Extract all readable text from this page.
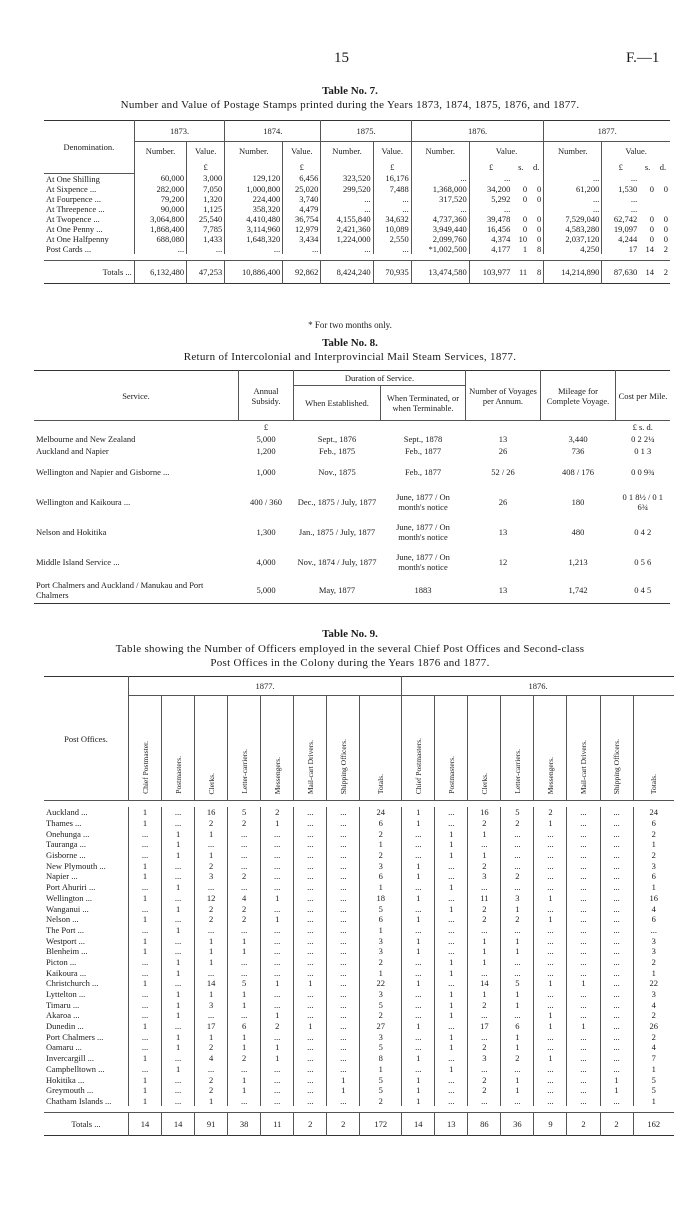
15	F.—1
Table No. 7.
Number and Value of Postage Stamps printed during the Years 1873, 1874, 1875, 1876, and 1877.
Denomination.	1873.		1874.		1875.		1876.				1877.			
	Number.	Value.	Number.	Value.	Number.	Value.	Number.	Value.			Number.	Value.		
		£		£		£		£	s.	d.		£	s.	d.
At One Shilling	60,000	3,000	129,120	6,456	323,520	16,176	...	...			...	...		
At Sixpence ...	282,000	7,050	1,000,800	25,020	299,520	7,488	1,368,000	34,200	0	0	61,200	1,530	0	0
At Fourpence ...	79,200	1,320	224,400	3,740	...	...	317,520	5,292	0	0	...	...		
At Threepence ...	90,000	1,125	358,320	4,479	...	...	...	...			...	...		
At Twopence ...	3,064,800	25,540	4,410,480	36,754	4,155,840	34,632	4,737,360	39,478	0	0	7,529,040	62,742	0	0
At One Penny ...	1,868,400	7,785	3,114,960	12,979	2,421,360	10,089	3,949,440	16,456	0	0	4,583,280	19,097	0	0
At One Halfpenny	688,080	1,433	1,648,320	3,434	1,224,000	2,550	2,099,760	4,374	10	0	2,037,120	4,244	0	0
Post Cards ...	...	...	...	...	...	...	*1,002,500	4,177	1	8	4,250	17	14	2

Totals ...	6,132,480	47,253	10,886,400	92,862	8,424,240	70,935	13,474,580	103,977	11	8	14,214,890	87,630	14	2
* For two months only.
Table No. 8.
Return of Intercolonial and Interprovincial Mail Steam Services, 1877.
Service.	Annual Subsidy.	Duration of Service.		Number of Voyages per Annum.	Mileage for Complete Voyage.	Cost per Mile.
		When Established.	When Terminated, or when Terminable.			
	£					£ s. d.
Melbourne and New Zealand	5,000	Sept., 1876	Sept., 1878	13	3,440	0 2 2¼
Auckland and Napier	1,200	Feb., 1875	Feb., 1877	26	736	0 1 3
Wellington and Napier and Gisborne ...	1,000	Nov., 1875	Feb., 1877	52 / 26	408 / 176	0 0 9¾
Wellington and Kaikoura ...	400 / 360	Dec., 1875 / July, 1877	June, 1877 / On month's notice	26	180	0 1 8½ / 0 1 6¾
Nelson and Hokitika	1,300	Jan., 1875 / July, 1877	June, 1877 / On month's notice	13	480	0 4 2
Middle Island Service ...	4,000	Nov., 1874 / July, 1877	June, 1877 / On month's notice	12	1,213	0 5 6
Port Chalmers and Auckland / Manukau and Port Chalmers	5,000	May, 1877	1883	13	1,742	0 4 5
Table No. 9.
Table showing the Number of Officers employed in the several Chief Post Offices and Second-class
Post Offices in the Colony during the Years 1876 and 1877.
Post Offices.	1877.								1876.							
	Chief Postmaster.	Postmasters.	Clerks.	Letter-carriers.	Messengers.	Mail-cart Drivers.	Shipping Officers.	Totals.	Chief Postmasters.	Postmasters.	Clerks.	Letter-carriers.	Messengers.	Mail-cart Drivers.	Shipping Officers.	Totals.

Auckland ...	1	...	16	5	2	...	...	24	1	...	16	5	2	...	...	24
Thames ...	1	...	2	2	1	...	...	6	1	...	2	2	1	...	...	6
Onehunga ...	...	1	1	...	...	...	...	2	...	1	1	...	...	...	...	2
Tauranga ...	...	1	...	...	...	...	...	1	...	1	...	...	...	...	...	1
Gisborne ...	...	1	1	...	...	...	...	2	...	1	1	...	...	...	...	2
New Plymouth ...	1	...	2	...	...	...	...	3	1	...	2	...	...	...	...	3
Napier ...	1	...	3	2	...	...	...	6	1	...	3	2	...	...	...	6
Port Ahuriri ...	...	1	...	...	...	...	...	1	...	1	...	...	...	...	...	1
Wellington ...	1	...	12	4	1	...	...	18	1	...	11	3	1	...	...	16
Wanganui ...	...	1	2	2	...	...	...	5	...	1	2	1	...	...	...	4
Nelson ...	1	...	2	2	1	...	...	6	1	...	2	2	1	...	...	6
The Port ...	...	1	...	...	...	...	...	1	...	...	...	...	...	...	...	...
Westport ...	1	...	1	1	...	...	...	3	1	...	1	1	...	...	...	3
Blenheim ...	1	...	1	1	...	...	...	3	1	...	1	1	...	...	...	3
Picton ...	...	1	1	...	...	...	...	2	...	1	1	...	...	...	...	2
Kaikoura ...	...	1	...	...	...	...	...	1	...	1	...	...	...	...	...	1
Christchurch ...	1	...	14	5	1	1	...	22	1	...	14	5	1	1	...	22
Lyttelton ...	...	1	1	1	...	...	...	3	...	1	1	1	...	...	...	3
Timaru ...	...	1	3	1	...	...	...	5	...	1	2	1	...	...	...	4
Akaroa ...	...	1	...	...	1	...	...	2	...	1	...	...	1	...	...	2
Dunedin ...	1	...	17	6	2	1	...	27	1	...	17	6	1	1	...	26
Port Chalmers ...	...	1	1	1	...	...	...	3	...	1	...	1	...	...	...	2
Oamaru ...	...	1	2	1	1	...	...	5	...	1	2	1	...	...	...	4
Invercargill ...	1	...	4	2	1	...	...	8	1	...	3	2	1	...	...	7
Campbelltown ...	...	1	...	...	...	...	...	1	...	1	...	...	...	...	...	1
Hokitika ...	1	...	2	1	...	...	1	5	1	...	2	1	...	...	1	5
Greymouth ...	1	...	2	1	...	...	1	5	1	...	2	1	...	...	1	5
Chatham Islands ...	1	...	1	...	...	...	...	2	1	...	...	...	...	...	...	1

Totals ...	14	14	91	38	11	2	2	172	14	13	86	36	9	2	2	162
